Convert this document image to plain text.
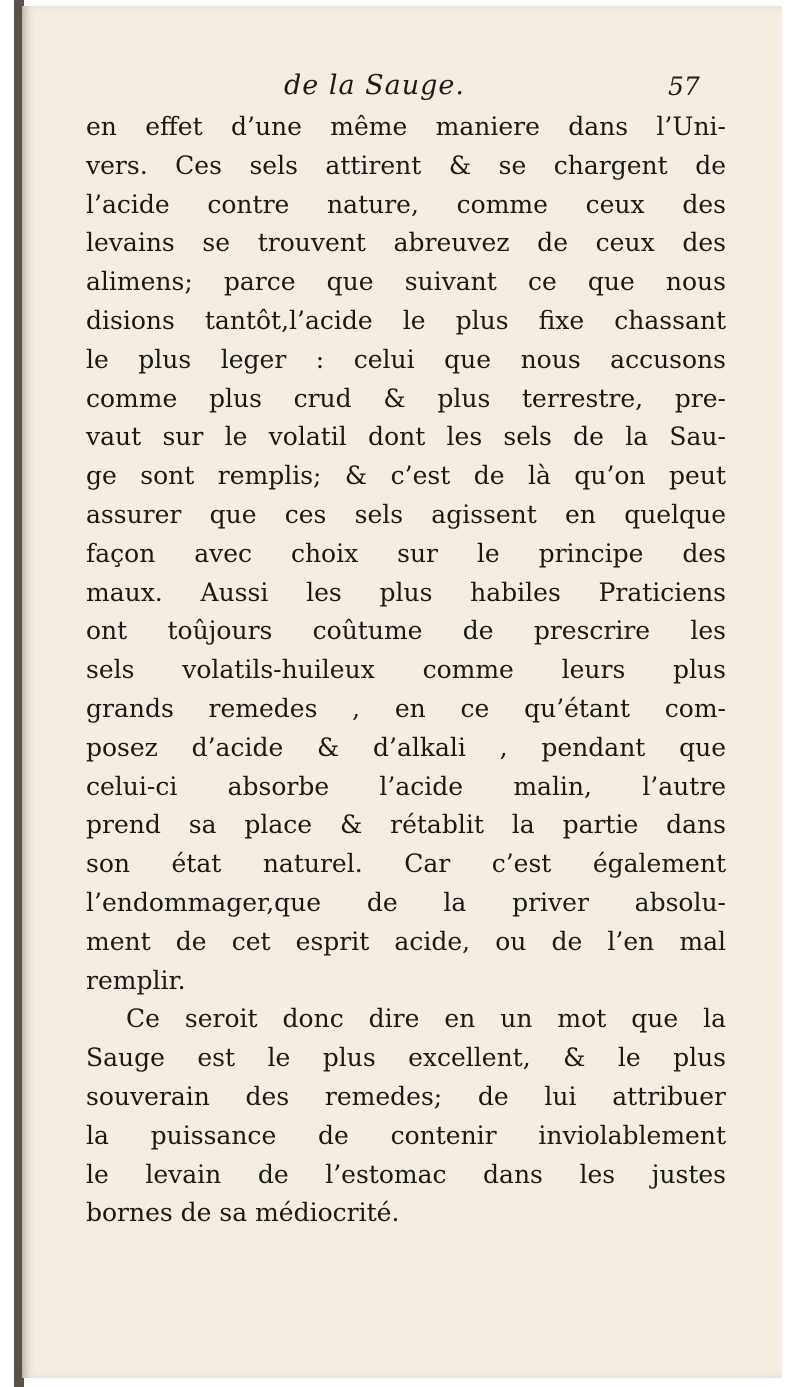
de la Sauge.	57
en effet d’une même maniere dans l’Uni-
vers. Ces sels attirent & se chargent de
l’acide contre nature, comme ceux des
levains se trouvent abreuvez de ceux des
alimens; parce que suivant ce que nous
disions tantôt,l’acide le plus fixe chassant
le plus leger : celui que nous accusons
comme plus crud & plus terrestre, pre-
vaut sur le volatil dont les sels de la Sau-
ge sont remplis; & c’est de là qu’on peut
assurer que ces sels agissent en quelque
façon avec choix sur le principe des
maux. Aussi les plus habiles Praticiens
ont toûjours coûtume de prescrire les
sels volatils-huileux comme leurs plus
grands remedes , en ce qu’étant com-
posez d’acide & d’alkali , pendant que
celui-ci absorbe l’acide malin, l’autre
prend sa place & rétablit la partie dans
son état naturel. Car c’est également
l’endommager,que de la priver absolu-
ment de cet esprit acide, ou de l’en mal
remplir.
Ce seroit donc dire en un mot que la
Sauge est le plus excellent, & le plus
souverain des remedes; de lui attribuer
la puissance de contenir inviolablement
le levain de l’estomac dans les justes
bornes de sa médiocrité.
